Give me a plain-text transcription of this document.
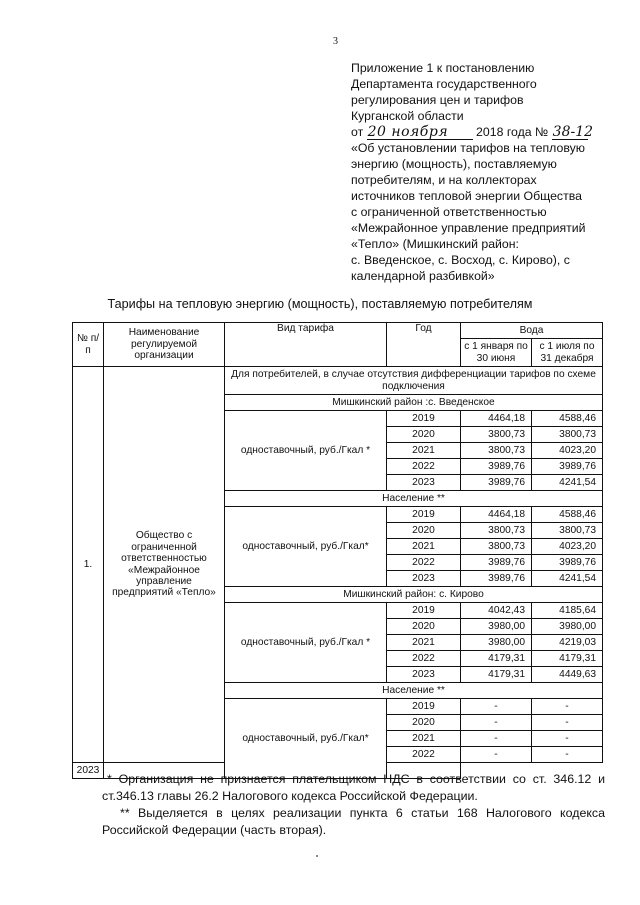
3
Приложение 1 к постановлению
Департамента государственного
регулирования цен и тарифов
Курганской области
от 20 ноября 2018 года № 38-12
«Об установлении тарифов на тепловую
энергию (мощность), поставляемую
потребителям, и на коллекторах
источников тепловой энергии Общества
с ограниченной ответственностью
«Межрайонное управление предприятий
«Тепло» (Мишкинский район:
с. Введенское, с. Восход, с. Кирово), с
календарной разбивкой»
Тарифы на тепловую энергию (мощность), поставляемую потребителям
№ п/п	Наименование регулируемой организации	Вид тарифа	Год	Вода	
				с 1 января по 30 июня	с 1 июля по 31 декабря
1.	Общество с ограниченной ответственностью «Межрайонное управление предприятий «Тепло»	Для потребителей, в случае отсутствия дифференциации тарифов по схеме подключения			
		Мишкинский район :с. Введенское			
		одноставочный, руб./Гкал *	2019	4464,18	4588,46
			2020	3800,73	3800,73
			2021	3800,73	4023,20
			2022	3989,76	3989,76
			2023	3989,76	4241,54
		Население **			
		одноставочный, руб./Гкал*	2019	4464,18	4588,46
			2020	3800,73	3800,73
			2021	3800,73	4023,20
			2022	3989,76	3989,76
			2023	3989,76	4241,54
		Мишкинский район: с. Кирово			
		одноставочный, руб./Гкал *	2019	4042,43	4185,64
			2020	3980,00	3980,00
			2021	3980,00	4219,03
			2022	4179,31	4179,31
			2023	4179,31	4449,63
		Население **			
		одноставочный, руб./Гкал*	2019	-	-
			2020	-	-
			2021	-	-
			2022	-	-
2023					
* Организация не признается плательщиком НДС в соответствии со ст. 346.12 и ст.346.13 главы 26.2 Налогового кодекса Российской Федерации.
** Выделяется в целях реализации пункта 6 статьи 168 Налогового кодекса Российской Федерации (часть вторая).
